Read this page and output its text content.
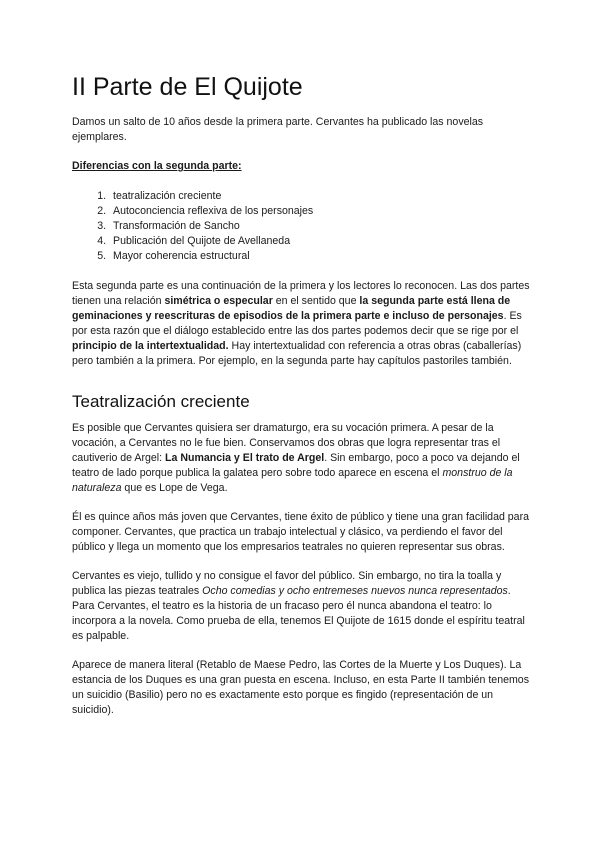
II Parte de El Quijote

Damos un salto de 10 años desde la primera parte. Cervantes ha publicado las novelas ejemplares.

Diferencias con la segunda parte:

1. teatralización creciente
2. Autoconciencia reflexiva de los personajes
3. Transformación de Sancho
4. Publicación del Quijote de Avellaneda
5. Mayor coherencia estructural

Esta segunda parte es una continuación de la primera y los lectores lo reconocen. Las dos partes tienen una relación simétrica o especular en el sentido que la segunda parte está llena de geminaciones y reescrituras de episodios de la primera parte e incluso de personajes. Es por esta razón que el diálogo establecido entre las dos partes podemos decir que se rige por el principio de la intertextualidad. Hay intertextualidad con referencia a otras obras (caballerías) pero también a la primera. Por ejemplo, en la segunda parte hay capítulos pastoriles también.

Teatralización creciente

Es posible que Cervantes quisiera ser dramaturgo, era su vocación primera. A pesar de la vocación, a Cervantes no le fue bien. Conservamos dos obras que logra representar tras el cautiverio de Argel: La Numancia y El trato de Argel. Sin embargo, poco a poco va dejando el teatro de lado porque publica la galatea pero sobre todo aparece en escena el monstruo de la naturaleza que es Lope de Vega.

Él es quince años más joven que Cervantes, tiene éxito de público y tiene una gran facilidad para componer. Cervantes, que practica un trabajo intelectual y clásico, va perdiendo el favor del público y llega un momento que los empresarios teatrales no quieren representar sus obras.

Cervantes es viejo, tullido y no consigue el favor del público. Sin embargo, no tira la toalla y publica las piezas teatrales Ocho comedias y ocho entremeses nuevos nunca representados. Para Cervantes, el teatro es la historia de un fracaso pero él nunca abandona el teatro: lo incorpora a la novela. Como prueba de ella, tenemos El Quijote de 1615 donde el espíritu teatral es palpable.

Aparece de manera literal (Retablo de Maese Pedro, las Cortes de la Muerte y Los Duques). La estancia de los Duques es una gran puesta en escena. Incluso, en esta Parte II también tenemos un suicidio (Basilio) pero no es exactamente esto porque es fingido (representación de un suicidio).
